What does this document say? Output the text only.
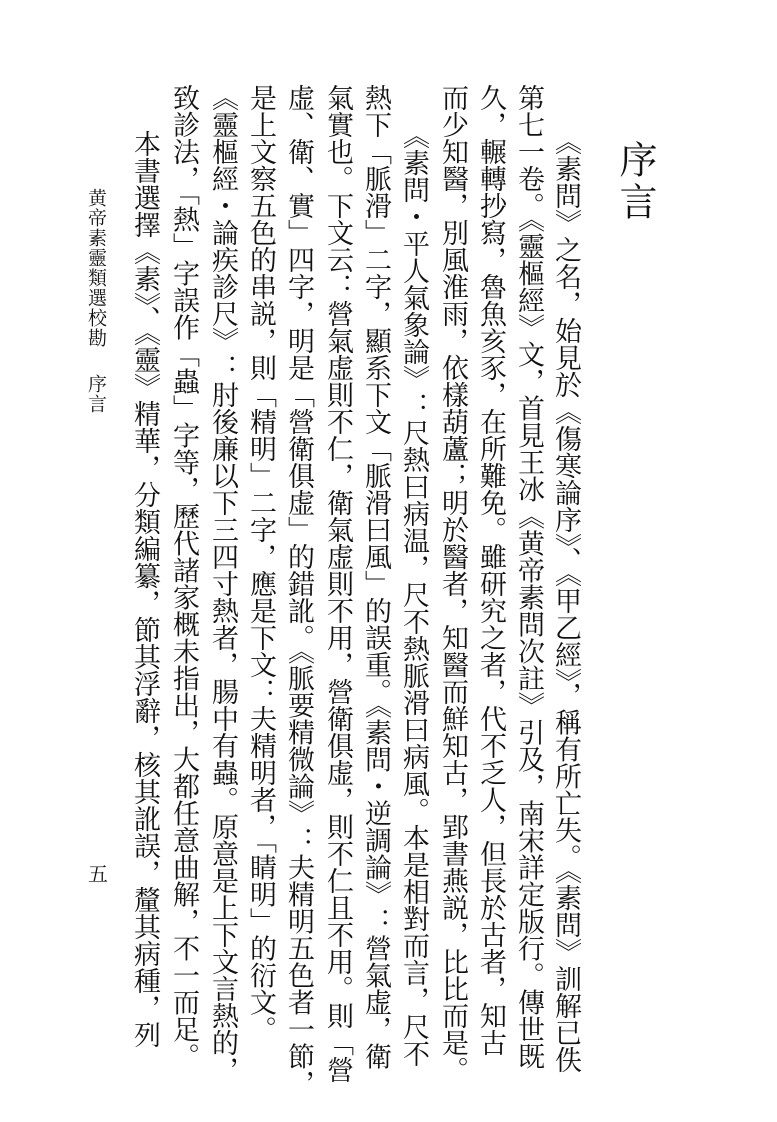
序言
《素問》之名，始見於《傷寒論序》、《甲乙經》，稱有所亡失。《素問》訓解已佚
第七一卷。《靈樞經》文，首見王冰《黄帝素問次註》引及，南宋詳定版行。傳世既
久，輾轉抄寫，魯魚亥豕，在所難免。雖研究之者，代不乏人，但長於古者，知古
而少知醫，別風淮雨，依樣葫蘆；明於醫者，知醫而鮮知古，郢書燕説，比比而是。
《素問・平人氣象論》：尺熱曰病温，尺不熱脈滑曰病風。本是相對而言，尺不
熱下「脈滑」二字，顯系下文「脈滑曰風」的誤重。《素問・逆調論》：營氣虚，衛
氣實也。下文云：營氣虚則不仁，衛氣虚則不用，營衛俱虚，則不仁且不用。則「營
虚、衛、實」四字，明是「營衛俱虚」的錯訛。《脈要精微論》：夫精明五色者一節，
是上文察五色的串説，則「精明」二字，應是下文：夫精明者，「睛明」的衍文。
《靈樞經・論疾診尺》：肘後廉以下三四寸熱者，腸中有蟲。原意是上下文言熱的，
致診法，「熱」字誤作「蟲」字等，歷代諸家概未指出，大都任意曲解，不一而足。
本書選擇《素》、《靈》精華，分類編纂，節其浮辭，核其訛誤，釐其病種，列
黄帝素靈類選校勘序言
五
